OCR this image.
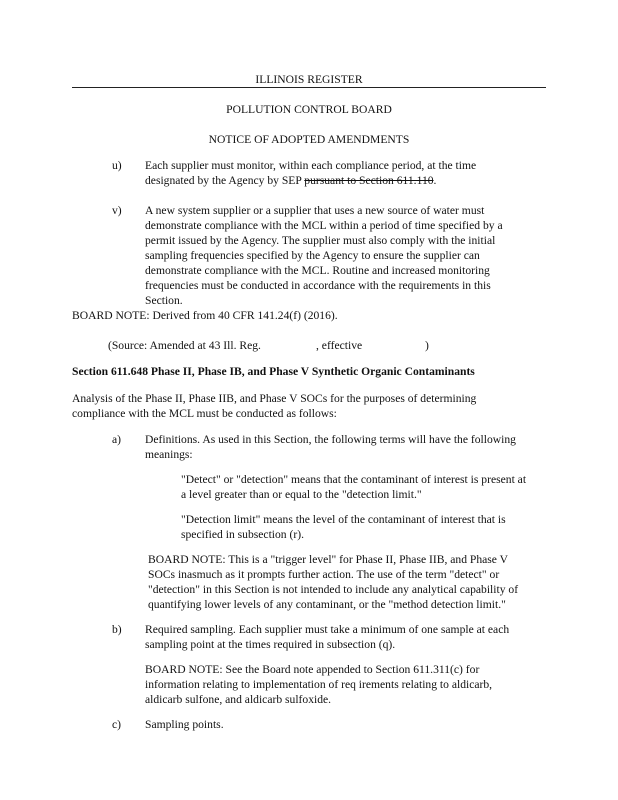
ILLINOIS REGISTER
POLLUTION CONTROL BOARD
NOTICE OF ADOPTED AMENDMENTS
u) Each supplier must monitor, within each compliance period, at the time
designated by the Agency by SEP pursuant to Section 611.110.
v) A new system supplier or a supplier that uses a new source of water must
demonstrate compliance with the MCL within a period of time specified by a
permit issued by the Agency. The supplier must also comply with the initial
sampling frequencies specified by the Agency to ensure the supplier can
demonstrate compliance with the MCL. Routine and increased monitoring
frequencies must be conducted in accordance with the requirements in this
Section.
BOARD NOTE: Derived from 40 CFR 141.24(f) (2016).
(Source: Amended at 43 Ill. Reg.	, effective	)
Section 611.648 Phase II, Phase IB, and Phase V Synthetic Organic Contaminants
Analysis of the Phase II, Phase IIB, and Phase V SOCs for the purposes of determining
compliance with the MCL must be conducted as follows:
a) Definitions. As used in this Section, the following terms will have the following
meanings:
"Detect" or "detection" means that the contaminant of interest is present at
a level greater than or equal to the "detection limit."
"Detection limit" means the level of the contaminant of interest that is
specified in subsection (r).
BOARD NOTE: This is a "trigger level" for Phase II, Phase IIB, and Phase V
SOCs inasmuch as it prompts further action. The use of the term "detect" or
"detection" in this Section is not intended to include any analytical capability of
quantifying lower levels of any contaminant, or the "method detection limit."
b) Required sampling. Each supplier must take a minimum of one sample at each
sampling point at the times required in subsection (q).
BOARD NOTE: See the Board note appended to Section 611.311(c) for
information relating to implementation of req irements relating to aldicarb,
aldicarb sulfone, and aldicarb sulfoxide.
c) Sampling points.
